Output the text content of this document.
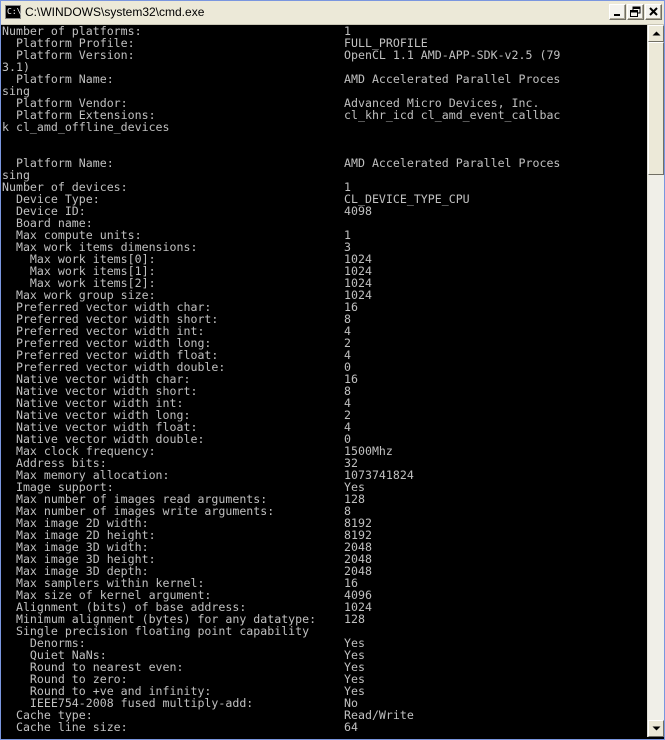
C:\ C:\WINDOWS\system32\cmd.exe
Number of platforms:                             1
Platform Profile:                              FULL_PROFILE
Platform Version:                              OpenCL 1.1 AMD-APP-SDK-v2.5 (79
3.1)
Platform Name:                                 AMD Accelerated Parallel Proces
sing
Platform Vendor:                               Advanced Micro Devices, Inc.
Platform Extensions:                           cl_khr_icd cl_amd_event_callbac
k cl_amd_offline_devices

Platform Name:                                 AMD Accelerated Parallel Proces
sing
Number of devices:                               1
Device Type:                                   CL_DEVICE_TYPE_CPU
Device ID:                                     4098
Board name:
Max compute units:                             1
Max work items dimensions:                     3
Max work items[0]:                           1024
Max work items[1]:                           1024
Max work items[2]:                           1024
Max work group size:                           1024
Preferred vector width char:                   16
Preferred vector width short:                  8
Preferred vector width int:                    4
Preferred vector width long:                   2
Preferred vector width float:                  4
Preferred vector width double:                 0
Native vector width char:                      16
Native vector width short:                     8
Native vector width int:                       4
Native vector width long:                      2
Native vector width float:                     4
Native vector width double:                    0
Max clock frequency:                           1500Mhz
Address bits:                                  32
Max memory allocation:                         1073741824
Image support:                                 Yes
Max number of images read arguments:           128
Max number of images write arguments:          8
Max image 2D width:                            8192
Max image 2D height:                           8192
Max image 3D width:                            2048
Max image 3D height:                           2048
Max image 3D depth:                            2048
Max samplers within kernel:                    16
Max size of kernel argument:                   4096
Alignment (bits) of base address:              1024
Minimum alignment (bytes) for any datatype:    128
Single precision floating point capability
Denorms:                                     Yes
Quiet NaNs:                                  Yes
Round to nearest even:                       Yes
Round to zero:                               Yes
Round to +ve and infinity:                   Yes
IEEE754-2008 fused multiply-add:             No
Cache type:                                    Read/Write
Cache line size:                               64
